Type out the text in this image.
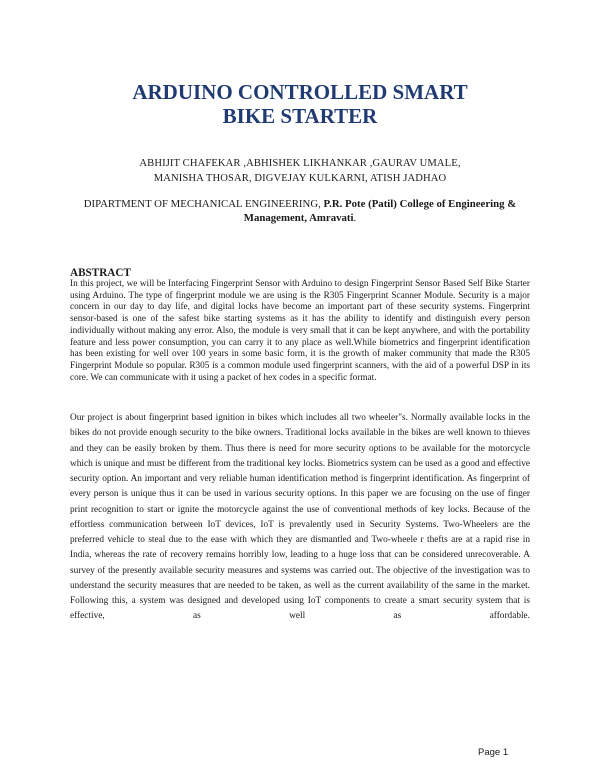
ARDUINO CONTROLLED SMART
BIKE STARTER
ABHIJIT CHAFEKAR ,ABHISHEK LIKHANKAR ,GAURAV UMALE,
MANISHA THOSAR, DIGVEJAY KULKARNI, ATISH JADHAO
DIPARTMENT OF MECHANICAL ENGINEERING, P.R. Pote (Patil) College of Engineering & Management, Amravati.
ABSTRACT
In this project, we will be Interfacing Fingerprint Sensor with Arduino to design Fingerprint Sensor Based Self Bike Starter using Arduino. The type of fingerprint module we are using is the R305 Fingerprint Scanner Module. Security is a major concern in our day to day life, and digital locks have become an important part of these security systems. Fingerprint sensor-based is one of the safest bike starting systems as it has the ability to identify and distinguish every person individually without making any error. Also, the module is very small that it can be kept anywhere, and with the portability feature and less power consumption, you can carry it to any place as well.While biometrics and fingerprint identification has been existing for well over 100 years in some basic form, it is the growth of maker community that made the R305 Fingerprint Module so popular. R305 is a common module used fingerprint scanners, with the aid of a powerful DSP in its core. We can communicate with it using a packet of hex codes in a specific format.
Our project is about fingerprint based ignition in bikes which includes all two wheeler"s. Normally available locks in the bikes do not provide enough security to the bike owners. Traditional locks available in the bikes are well known to thieves and they can be easily broken by them. Thus there is need for more security options to be available for the motorcycle which is unique and must be different from the traditional key locks. Biometrics system can be used as a good and effective security option. An important and very reliable human identification method is fingerprint identification. As fingerprint of every person is unique thus it can be used in various security options. In this paper we are focusing on the use of finger print recognition to start or ignite the motorcycle against the use of conventional methods of key locks. Because of the effortless communication between IoT devices, IoT is prevalently used in Security Systems. Two-Wheelers are the preferred vehicle to steal due to the ease with which they are dismantled and Two-wheele r thefts are at a rapid rise in India, whereas the rate of recovery remains horribly low, leading to a huge loss that can be considered unrecoverable. A survey of the presently available security measures and systems was carried out. The objective of the investigation was to understand the security measures that are needed to be taken, as well as the current availability of the same in the market. Following this, a system was designed and developed using IoT components to create a smart security system that is effective, as well as affordable.
Page 1
